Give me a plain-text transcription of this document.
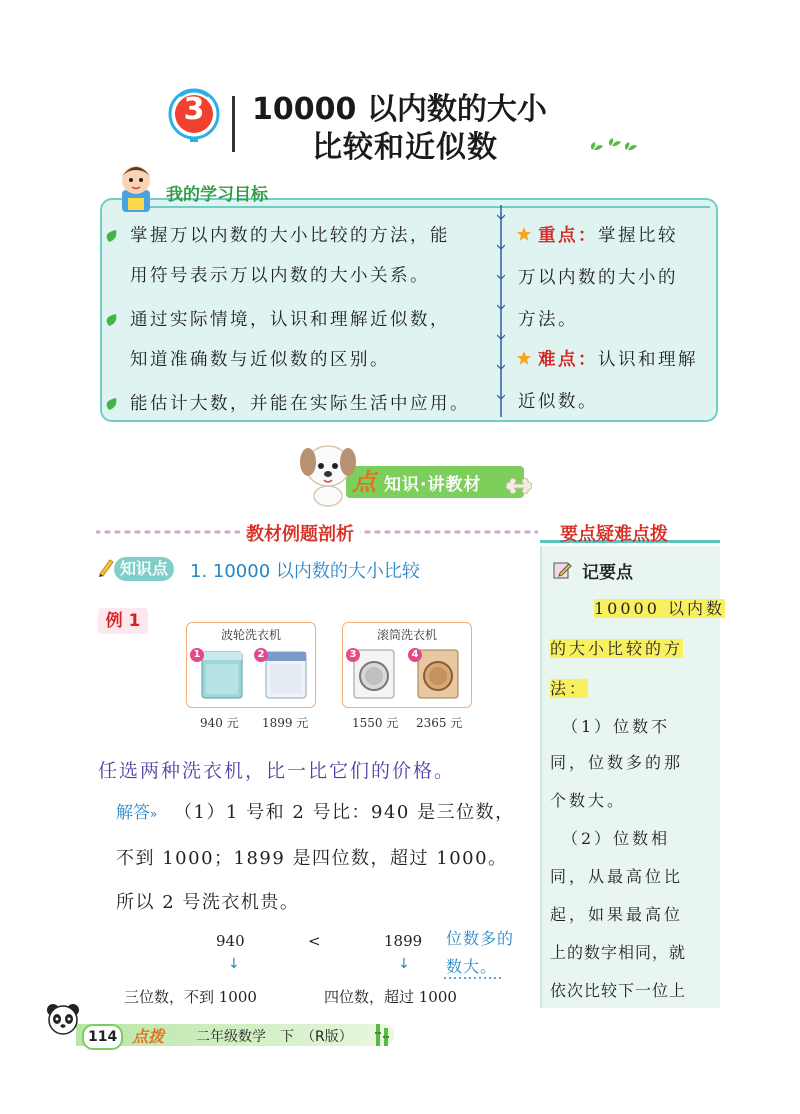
3	10000 以内数的大小
比较和近似数
我的学习目标
掌握万以内数的大小比较的方法，能
用符号表示万以内数的大小关系。
通过实际情境，认识和理解近似数，
知道准确数与近似数的区别。
能估计大数，并能在实际生活中应用。
重点：掌握比较
万以内数的大小的
方法。
难点：认识和理解
近似数。
点 知识·讲教材
教材例题剖析	要点疑难点拨
知识点	1. 10000 以内数的大小比较
例 1
波轮洗衣机	滚筒洗衣机
1	2	3	4
940 元 1899 元	1550 元 2365 元
任选两种洗衣机，比一比它们的价格。
解答» （1）1 号和 2 号比：940 是三位数，
不到 1000；1899 是四位数，超过 1000。
所以 2 号洗衣机贵。
940	<	1899
↓	↓
三位数，不到 1000	四位数，超过 1000
位数多的
数大。
记要点
10000 以内数
的大小比较的方
法：
（1）位数不
同，位数多的那
个数大。
（2）位数相
同，从最高位比
起，如果最高位
上的数字相同，就
依次比较下一位上
114 点拨 二年级数学　下　（R版）
